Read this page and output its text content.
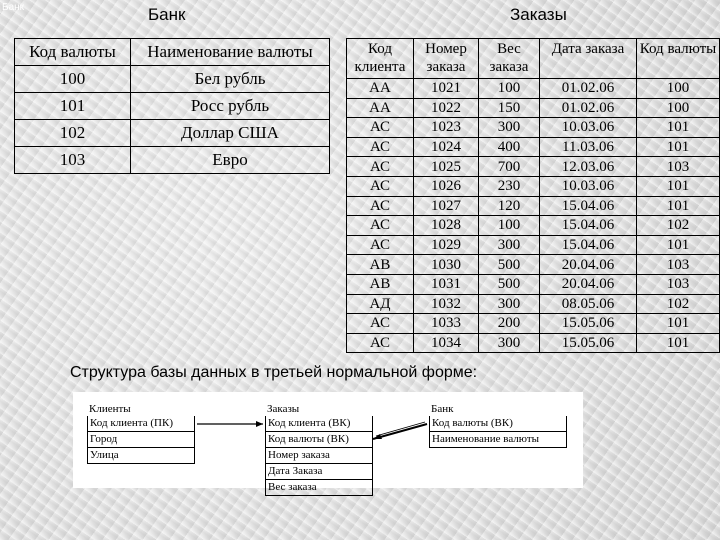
Банк	Банк	Заказы
Код валюты	Наименование валюты
100	Бел рубль
101	Росс рубль
102	Доллар США
103	Евро
Код клиента	Номер заказа	Вес заказа	Дата заказа	Код валюты
АА	1021	100	01.02.06	100
АА	1022	150	01.02.06	100
АС	1023	300	10.03.06	101
АС	1024	400	11.03.06	101
АС	1025	700	12.03.06	103
АС	1026	230	10.03.06	101
АС	1027	120	15.04.06	101
АС	1028	100	15.04.06	102
АС	1029	300	15.04.06	101
АВ	1030	500	20.04.06	103
АВ	1031	500	20.04.06	103
АД	1032	300	08.05.06	102
АС	1033	200	15.05.06	101
АС	1034	300	15.05.06	101
Структура базы данных в третьей нормальной форме:
Клиенты
Код клиента (ПК)
Город
Улица
Заказы
Код клиента (ВК)
Код валюты (ВК)
Номер заказа
Дата Заказа
Вес заказа
Банк
Код валюты (ВК)
Наименование валюты
